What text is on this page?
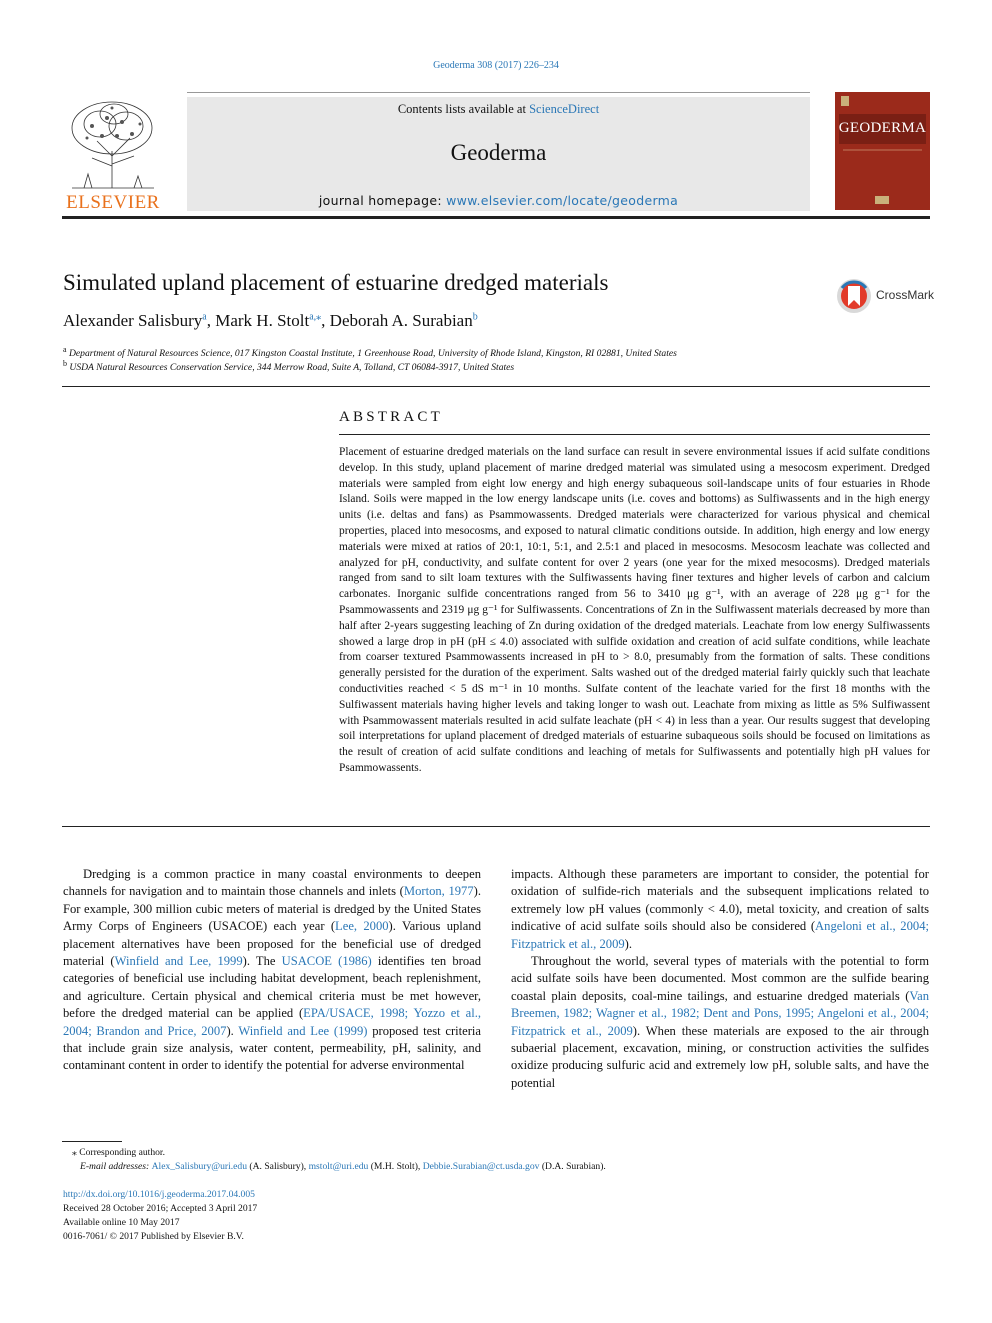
Geoderma 308 (2017) 226–234
ELSEVIER
Contents lists available at ScienceDirect
Geoderma
journal homepage: www.elsevier.com/locate/geoderma
GEODERMA
Simulated upland placement of estuarine dredged materials	CrossMark
Alexander Salisbury$^a$, Mark H. Stolt$^{a,⁎}$, Deborah A. Surabian$^b$
$^a$ Department of Natural Resources Science, 017 Kingston Coastal Institute, 1 Greenhouse Road, University of Rhode Island, Kingston, RI 02881, United States
$^b$ USDA Natural Resources Conservation Service, 344 Merrow Road, Suite A, Tolland, CT 06084-3917, United States
ABSTRACT
Placement of estuarine dredged materials on the land surface can result in severe environmental issues if acid sulfate conditions develop. In this study, upland placement of marine dredged material was simulated using a mesocosm experiment. Dredged materials were sampled from eight low energy and high energy subaqueous soil-landscape units of four estuaries in Rhode Island. Soils were mapped in the low energy landscape units (i.e. coves and bottoms) as Sulfiwassents and in the high energy units (i.e. deltas and fans) as Psammowassents. Dredged materials were characterized for various physical and chemical properties, placed into mesocosms, and exposed to natural climatic conditions outside. In addition, high energy and low energy materials were mixed at ratios of 20:1, 10:1, 5:1, and 2.5:1 and placed in mesocosms. Mesocosm leachate was collected and analyzed for pH, conductivity, and sulfate content for over 2 years (one year for the mixed mesocosms). Dredged materials ranged from sand to silt loam textures with the Sulfiwassents having finer textures and higher levels of carbon and calcium carbonates. Inorganic sulfide concentrations ranged from 56 to 3410 μg g⁻¹, with an average of 228 μg g⁻¹ for the Psammowassents and 2319 μg g⁻¹ for Sulfiwassents. Concentrations of Zn in the Sulfiwassent materials decreased by more than half after 2-years suggesting leaching of Zn during oxidation of the dredged materials. Leachate from low energy Sulfiwassents showed a large drop in pH (pH ≤ 4.0) associated with sulfide oxidation and creation of acid sulfate conditions, while leachate from coarser textured Psammowassents increased in pH to > 8.0, presumably from the formation of salts. These conditions generally persisted for the duration of the experiment. Salts washed out of the dredged material fairly quickly such that leachate conductivities reached < 5 dS m⁻¹ in 10 months. Sulfate content of the leachate varied for the first 18 months with the Sulfiwassent materials having higher levels and taking longer to wash out. Leachate from mixing as little as 5% Sulfiwassent with Psammowassent materials resulted in acid sulfate leachate (pH < 4) in less than a year. Our results suggest that developing soil interpretations for upland placement of dredged materials of estuarine subaqueous soils should be focused on limitations as the result of creation of acid sulfate conditions and leaching of metals for Sulfiwassents and potentially high pH values for Psammowassents.

Dredging is a common practice in many coastal environments to deepen channels for navigation and to maintain those channels and inlets (Morton, 1977). For example, 300 million cubic meters of material is dredged by the United States Army Corps of Engineers (USACOE) each year (Lee, 2000). Various upland placement alternatives have been proposed for the beneficial use of dredged material (Winfield and Lee, 1999). The USACOE (1986) identifies ten broad categories of beneficial use including habitat development, beach replenishment, and agriculture. Certain physical and chemical criteria must be met however, before the dredged material can be applied (EPA/USACE, 1998; Yozzo et al., 2004; Brandon and Price, 2007). Winfield and Lee (1999) proposed test criteria that include grain size analysis, water content, permeability, pH, salinity, and contaminant content in order to identify the potential for adverse environmental

impacts. Although these parameters are important to consider, the potential for oxidation of sulfide-rich materials and the subsequent implications related to extremely low pH values (commonly < 4.0), metal toxicity, and creation of salts indicative of acid sulfate soils should also be considered (Angeloni et al., 2004; Fitzpatrick et al., 2009).

Throughout the world, several types of materials with the potential to form acid sulfate soils have been documented. Most common are the sulfide bearing coastal plain deposits, coal-mine tailings, and estuarine dredged materials (Van Breemen, 1982; Wagner et al., 1982; Dent and Pons, 1995; Angeloni et al., 2004; Fitzpatrick et al., 2009). When these materials are exposed to the air through subaerial placement, excavation, mining, or construction activities the sulfides oxidize producing sulfuric acid and extremely low pH, soluble salts, and have the potential

⁎ Corresponding author.
E-mail addresses: Alex_Salisbury@uri.edu (A. Salisbury), mstolt@uri.edu (M.H. Stolt), Debbie.Surabian@ct.usda.gov (D.A. Surabian).
http://dx.doi.org/10.1016/j.geoderma.2017.04.005
Received 28 October 2016; Accepted 3 April 2017
Available online 10 May 2017
0016-7061/ © 2017 Published by Elsevier B.V.
